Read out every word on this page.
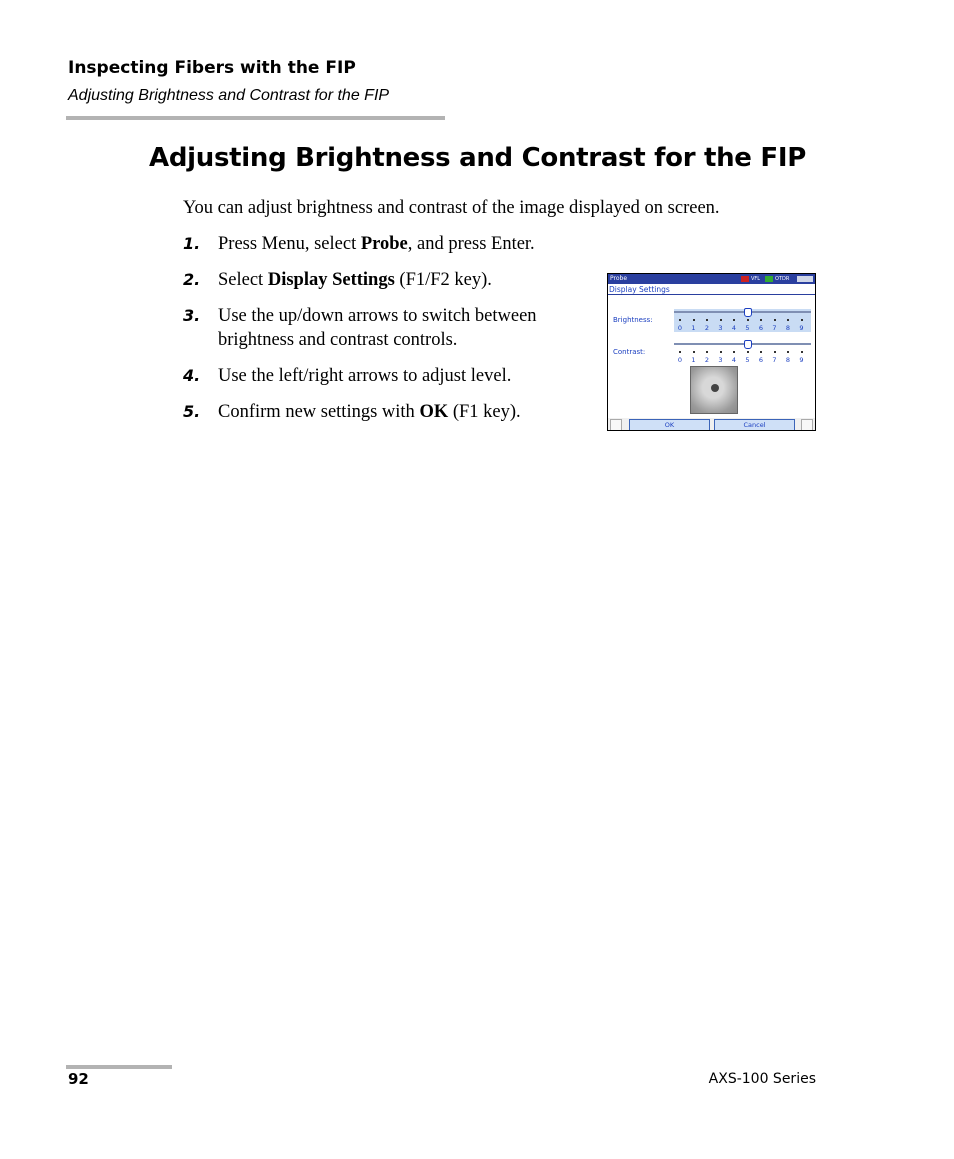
Inspecting Fibers with the FIP
Adjusting Brightness and Contrast for the FIP
Adjusting Brightness and Contrast for the FIP

You can adjust brightness and contrast of the image displayed on screen.

1. Press Menu, select Probe, and press Enter.
2. Select Display Settings (F1/F2 key).
3. Use the up/down arrows to switch between brightness and contrast controls.
4. Use the left/right arrows to adjust level.
5. Confirm new settings with OK (F1 key).
Probe	VFL	OTDR
Display Settings
Brightness:
Contrast:
OK	Cancel
0 1 2 3 4 5 6 7 8 9
0 1 2 3 4 5 6 7 8 9
92	AXS-100 Series
